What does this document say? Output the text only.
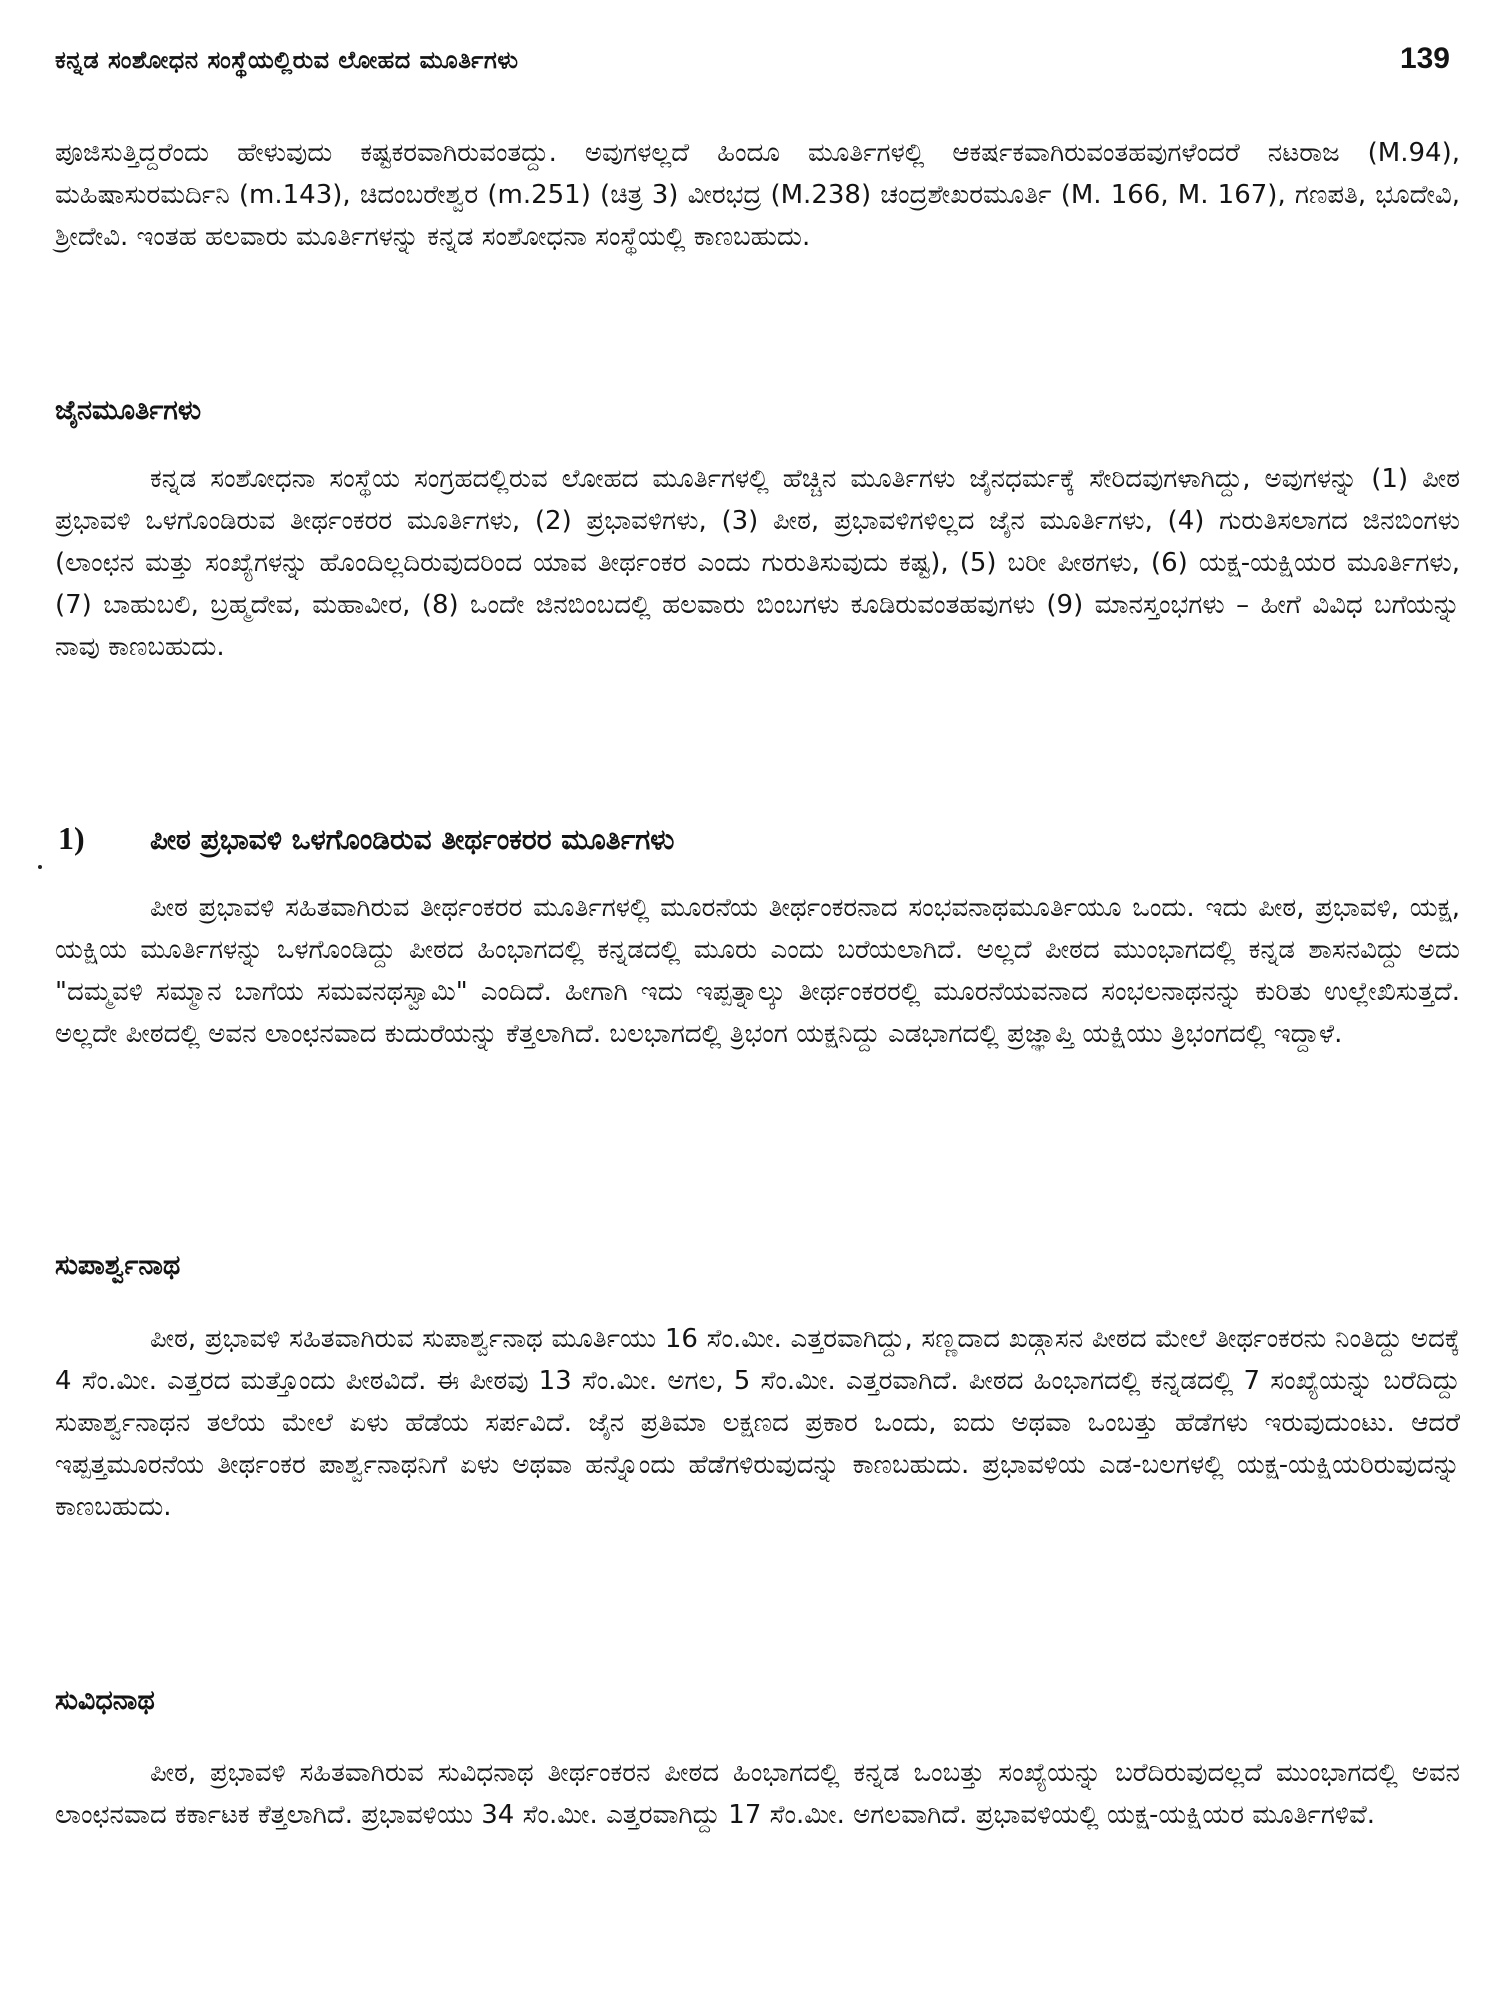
ಕನ್ನಡ ಸಂಶೋಧನ ಸಂಸ್ಥೆಯಲ್ಲಿರುವ ಲೋಹದ ಮೂರ್ತಿಗಳು	139

ಪೂಜಿಸುತ್ತಿದ್ದರೆಂದು ಹೇಳುವುದು ಕಷ್ಟಕರವಾಗಿರುವಂತದ್ದು. ಅವುಗಳಲ್ಲದೆ ಹಿಂದೂ ಮೂರ್ತಿಗಳಲ್ಲಿ ಆಕರ್ಷಕವಾಗಿರುವಂತಹವುಗಳೆಂದರೆ ನಟರಾಜ (M.94), ಮಹಿಷಾಸುರಮರ್ದಿನಿ (m.143), ಚಿದಂಬರೇಶ್ವರ (m.251) (ಚಿತ್ರ 3) ವೀರಭದ್ರ (M.238) ಚಂದ್ರಶೇಖರಮೂರ್ತಿ (M. 166, M. 167), ಗಣಪತಿ, ಭೂದೇವಿ, ಶ್ರೀದೇವಿ. ಇಂತಹ ಹಲವಾರು ಮೂರ್ತಿಗಳನ್ನು ಕನ್ನಡ ಸಂಶೋಧನಾ ಸಂಸ್ಥೆಯಲ್ಲಿ ಕಾಣಬಹುದು.

ಜೈನಮೂರ್ತಿಗಳು

ಕನ್ನಡ ಸಂಶೋಧನಾ ಸಂಸ್ಥೆಯ ಸಂಗ್ರಹದಲ್ಲಿರುವ ಲೋಹದ ಮೂರ್ತಿಗಳಲ್ಲಿ ಹೆಚ್ಚಿನ ಮೂರ್ತಿಗಳು ಜೈನಧರ್ಮಕ್ಕೆ ಸೇರಿದವುಗಳಾಗಿದ್ದು, ಅವುಗಳನ್ನು (1) ಪೀಠ ಪ್ರಭಾವಳಿ ಒಳಗೊಂಡಿರುವ ತೀರ್ಥಂಕರರ ಮೂರ್ತಿಗಳು, (2) ಪ್ರಭಾವಳಿಗಳು, (3) ಪೀಠ, ಪ್ರಭಾವಳಿಗಳಿಲ್ಲದ ಜೈನ ಮೂರ್ತಿಗಳು, (4) ಗುರುತಿಸಲಾಗದ ಜಿನಬಿಂಗಳು (ಲಾಂಛನ ಮತ್ತು ಸಂಖ್ಯೆಗಳನ್ನು ಹೊಂದಿಲ್ಲದಿರುವುದರಿಂದ ಯಾವ ತೀರ್ಥಂಕರ ಎಂದು ಗುರುತಿಸುವುದು ಕಷ್ಟ), (5) ಬರೀ ಪೀಠಗಳು, (6) ಯಕ್ಷ-ಯಕ್ಷಿಯರ ಮೂರ್ತಿಗಳು, (7) ಬಾಹುಬಲಿ, ಬ್ರಹ್ಮದೇವ, ಮಹಾವೀರ, (8) ಒಂದೇ ಜಿನಬಿಂಬದಲ್ಲಿ ಹಲವಾರು ಬಿಂಬಗಳು ಕೂಡಿರುವಂತಹವುಗಳು (9) ಮಾನಸ್ತಂಭಗಳು – ಹೀಗೆ ವಿವಿಧ ಬಗೆಯನ್ನು ನಾವು ಕಾಣಬಹುದು.

1) ಪೀಠ ಪ್ರಭಾವಳಿ ಒಳಗೊಂಡಿರುವ ತೀರ್ಥಂಕರರ ಮೂರ್ತಿಗಳು

ಪೀಠ ಪ್ರಭಾವಳಿ ಸಹಿತವಾಗಿರುವ ತೀರ್ಥಂಕರರ ಮೂರ್ತಿಗಳಲ್ಲಿ ಮೂರನೆಯ ತೀರ್ಥಂಕರನಾದ ಸಂಭವನಾಥಮೂರ್ತಿಯೂ ಒಂದು. ಇದು ಪೀಠ, ಪ್ರಭಾವಳಿ, ಯಕ್ಷ, ಯಕ್ಷಿಯ ಮೂರ್ತಿಗಳನ್ನು ಒಳಗೊಂಡಿದ್ದು ಪೀಠದ ಹಿಂಭಾಗದಲ್ಲಿ ಕನ್ನಡದಲ್ಲಿ ಮೂರು ಎಂದು ಬರೆಯಲಾಗಿದೆ. ಅಲ್ಲದೆ ಪೀಠದ ಮುಂಭಾಗದಲ್ಲಿ ಕನ್ನಡ ಶಾಸನವಿದ್ದು ಅದು "ದಮ್ಮವಳಿ ಸಮ್ಮಾನ ಬಾಗೆಯ ಸಮವನಥಸ್ವಾಮಿ" ಎಂದಿದೆ. ಹೀಗಾಗಿ ಇದು ಇಪ್ಪತ್ನಾಲ್ಕು ತೀರ್ಥಂಕರರಲ್ಲಿ ಮೂರನೆಯವನಾದ ಸಂಭಲನಾಥನನ್ನು ಕುರಿತು ಉಲ್ಲೇಖಿಸುತ್ತದೆ. ಅಲ್ಲದೇ ಪೀಠದಲ್ಲಿ ಅವನ ಲಾಂಛನವಾದ ಕುದುರೆಯನ್ನು ಕೆತ್ತಲಾಗಿದೆ. ಬಲಭಾಗದಲ್ಲಿ ತ್ರಿಭಂಗ ಯಕ್ಷನಿದ್ದು ಎಡಭಾಗದಲ್ಲಿ ಪ್ರಜ್ಞಾಪ್ತಿ ಯಕ್ಷಿಯು ತ್ರಿಭಂಗದಲ್ಲಿ ಇದ್ದಾಳೆ.

ಸುಪಾರ್ಶ್ವನಾಥ

ಪೀಠ, ಪ್ರಭಾವಳಿ ಸಹಿತವಾಗಿರುವ ಸುಪಾರ್ಶ್ವನಾಥ ಮೂರ್ತಿಯು 16 ಸೆಂ.ಮೀ. ಎತ್ತರವಾಗಿದ್ದು, ಸಣ್ಣದಾದ ಖಡ್ಗಾಸನ ಪೀಠದ ಮೇಲೆ ತೀರ್ಥಂಕರನು ನಿಂತಿದ್ದು ಅದಕ್ಕೆ 4 ಸೆಂ.ಮೀ. ಎತ್ತರದ ಮತ್ತೊಂದು ಪೀಠವಿದೆ. ಈ ಪೀಠವು 13 ಸೆಂ.ಮೀ. ಅಗಲ, 5 ಸೆಂ.ಮೀ. ಎತ್ತರವಾಗಿದೆ. ಪೀಠದ ಹಿಂಭಾಗದಲ್ಲಿ ಕನ್ನಡದಲ್ಲಿ 7 ಸಂಖ್ಯೆಯನ್ನು ಬರೆದಿದ್ದು ಸುಪಾರ್ಶ್ವನಾಥನ ತಲೆಯ ಮೇಲೆ ಏಳು ಹೆಡೆಯ ಸರ್ಪವಿದೆ. ಜೈನ ಪ್ರತಿಮಾ ಲಕ್ಷಣದ ಪ್ರಕಾರ ಒಂದು, ಐದು ಅಥವಾ ಒಂಬತ್ತು ಹೆಡೆಗಳು ಇರುವುದುಂಟು. ಆದರೆ ಇಪ್ಪತ್ತಮೂರನೆಯ ತೀರ್ಥಂಕರ ಪಾರ್ಶ್ವನಾಥನಿಗೆ ಏಳು ಅಥವಾ ಹನ್ನೊಂದು ಹೆಡೆಗಳಿರುವುದನ್ನು ಕಾಣಬಹುದು. ಪ್ರಭಾವಳಿಯ ಎಡ-ಬಲಗಳಲ್ಲಿ ಯಕ್ಷ-ಯಕ್ಷಿಯರಿರುವುದನ್ನು ಕಾಣಬಹುದು.

ಸುವಿಧನಾಥ

ಪೀಠ, ಪ್ರಭಾವಳಿ ಸಹಿತವಾಗಿರುವ ಸುವಿಧನಾಥ ತೀರ್ಥಂಕರನ ಪೀಠದ ಹಿಂಭಾಗದಲ್ಲಿ ಕನ್ನಡ ಒಂಬತ್ತು ಸಂಖ್ಯೆಯನ್ನು ಬರೆದಿರುವುದಲ್ಲದೆ ಮುಂಭಾಗದಲ್ಲಿ ಅವನ ಲಾಂಛನವಾದ ಕರ್ಕಾಟಕ ಕೆತ್ತಲಾಗಿದೆ. ಪ್ರಭಾವಳಿಯು 34 ಸೆಂ.ಮೀ. ಎತ್ತರವಾಗಿದ್ದು 17 ಸೆಂ.ಮೀ. ಅಗಲವಾಗಿದೆ. ಪ್ರಭಾವಳಿಯಲ್ಲಿ ಯಕ್ಷ-ಯಕ್ಷಿಯರ ಮೂರ್ತಿಗಳಿವೆ.
